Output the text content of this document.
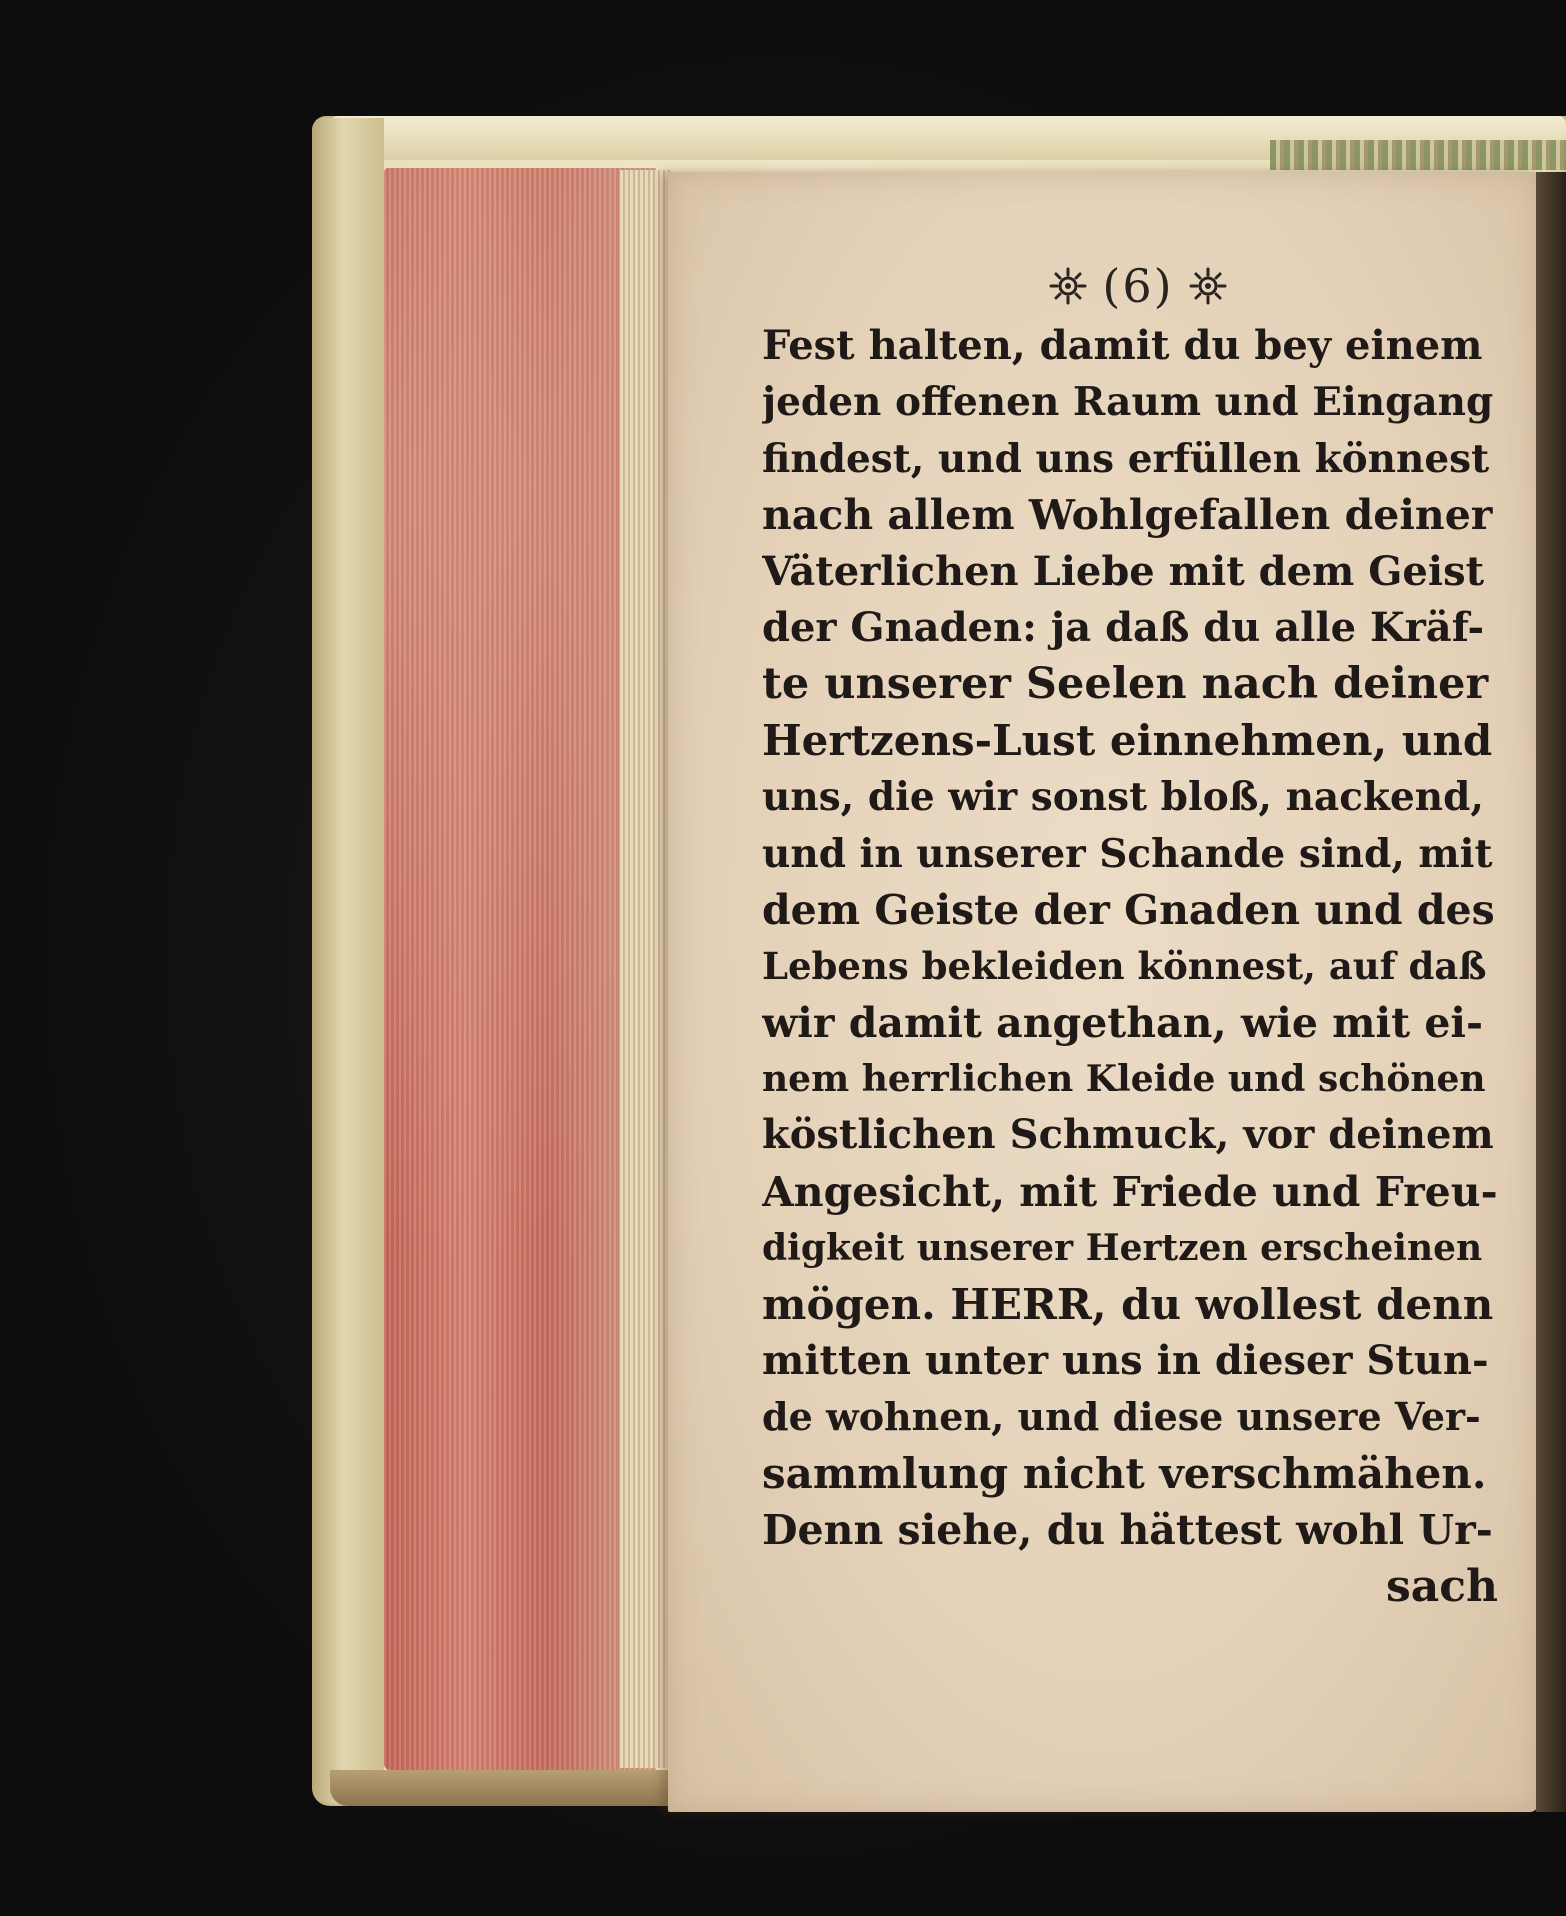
(6)
Fest halten, damit du bey einem
jeden offenen Raum und Eingang
findest, und uns erfüllen könnest
nach allem Wohlgefallen deiner
Väterlichen Liebe mit dem Geist
der Gnaden: ja daß du alle Kräf-
te unserer Seelen nach deiner
Hertzens-Lust einnehmen, und
uns, die wir sonst bloß, nackend,
und in unserer Schande sind, mit
dem Geiste der Gnaden und des
Lebens bekleiden könnest, auf daß
wir damit angethan, wie mit ei-
nem herrlichen Kleide und schönen
köstlichen Schmuck, vor deinem
Angesicht, mit Friede und Freu-
digkeit unserer Hertzen erscheinen
mögen. HERR, du wollest denn
mitten unter uns in dieser Stun-
de wohnen, und diese unsere Ver-
sammlung nicht verschmähen.
Denn siehe, du hättest wohl Ur-
sach
